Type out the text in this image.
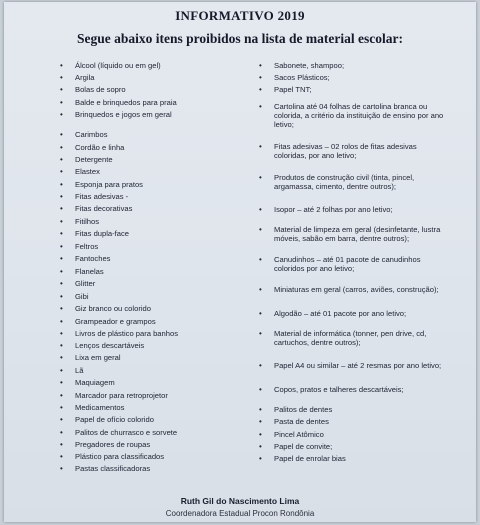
INFORMATIVO 2019
Segue abaixo itens proibidos na lista de material escolar:
• Álcool (líquido ou em gel)
• Argila
• Bolas de sopro
• Balde e brinquedos para praia
• Brinquedos e jogos em geral
• Carimbos
• Cordão e linha
• Detergente
• Elastex
• Esponja para pratos
• Fitas adesivas -
• Fitas decorativas
• Fitilhos
• Fitas dupla-face
• Feltros
• Fantoches
• Flanelas
• Glitter
• Gibi
• Giz branco ou colorido
• Grampeador e grampos
• Livros de plástico para banhos
• Lenços descartáveis
• Lixa em geral
• Lã
• Maquiagem
• Marcador para retroprojetor
• Medicamentos
• Papel de ofício colorido
• Palitos de churrasco e sorvete
• Pregadores de roupas
• Plástico para classificados
• Pastas classificadoras
• Sabonete, shampoo;
• Sacos Plásticos;
• Papel TNT;
• Cartolina até 04 folhas de cartolina branca ou colorida, a critério da instituição de ensino por ano letivo;
• Fitas adesivas – 02 rolos de fitas adesivas coloridas, por ano letivo;
• Produtos de construção civil (tinta, pincel, argamassa, cimento, dentre outros);
• Isopor – até 2 folhas por ano letivo;
• Material de limpeza em geral (desinfetante, lustra móveis, sabão em barra, dentre outros);
• Canudinhos – até 01 pacote de canudinhos coloridos por ano letivo;
• Miniaturas em geral (carros, aviões, construção);
• Algodão – até 01 pacote por ano letivo;
• Material de informática (tonner, pen drive, cd, cartuchos, dentre outros);
• Papel A4 ou similar – até 2 resmas por ano letivo;
• Copos, pratos e talheres descartáveis;
• Palitos de dentes
• Pasta de dentes
• Pincel Atômico
• Papel de convite;
• Papel de enrolar bias
Ruth Gil do Nascimento Lima
Coordenadora Estadual Procon Rondônia
